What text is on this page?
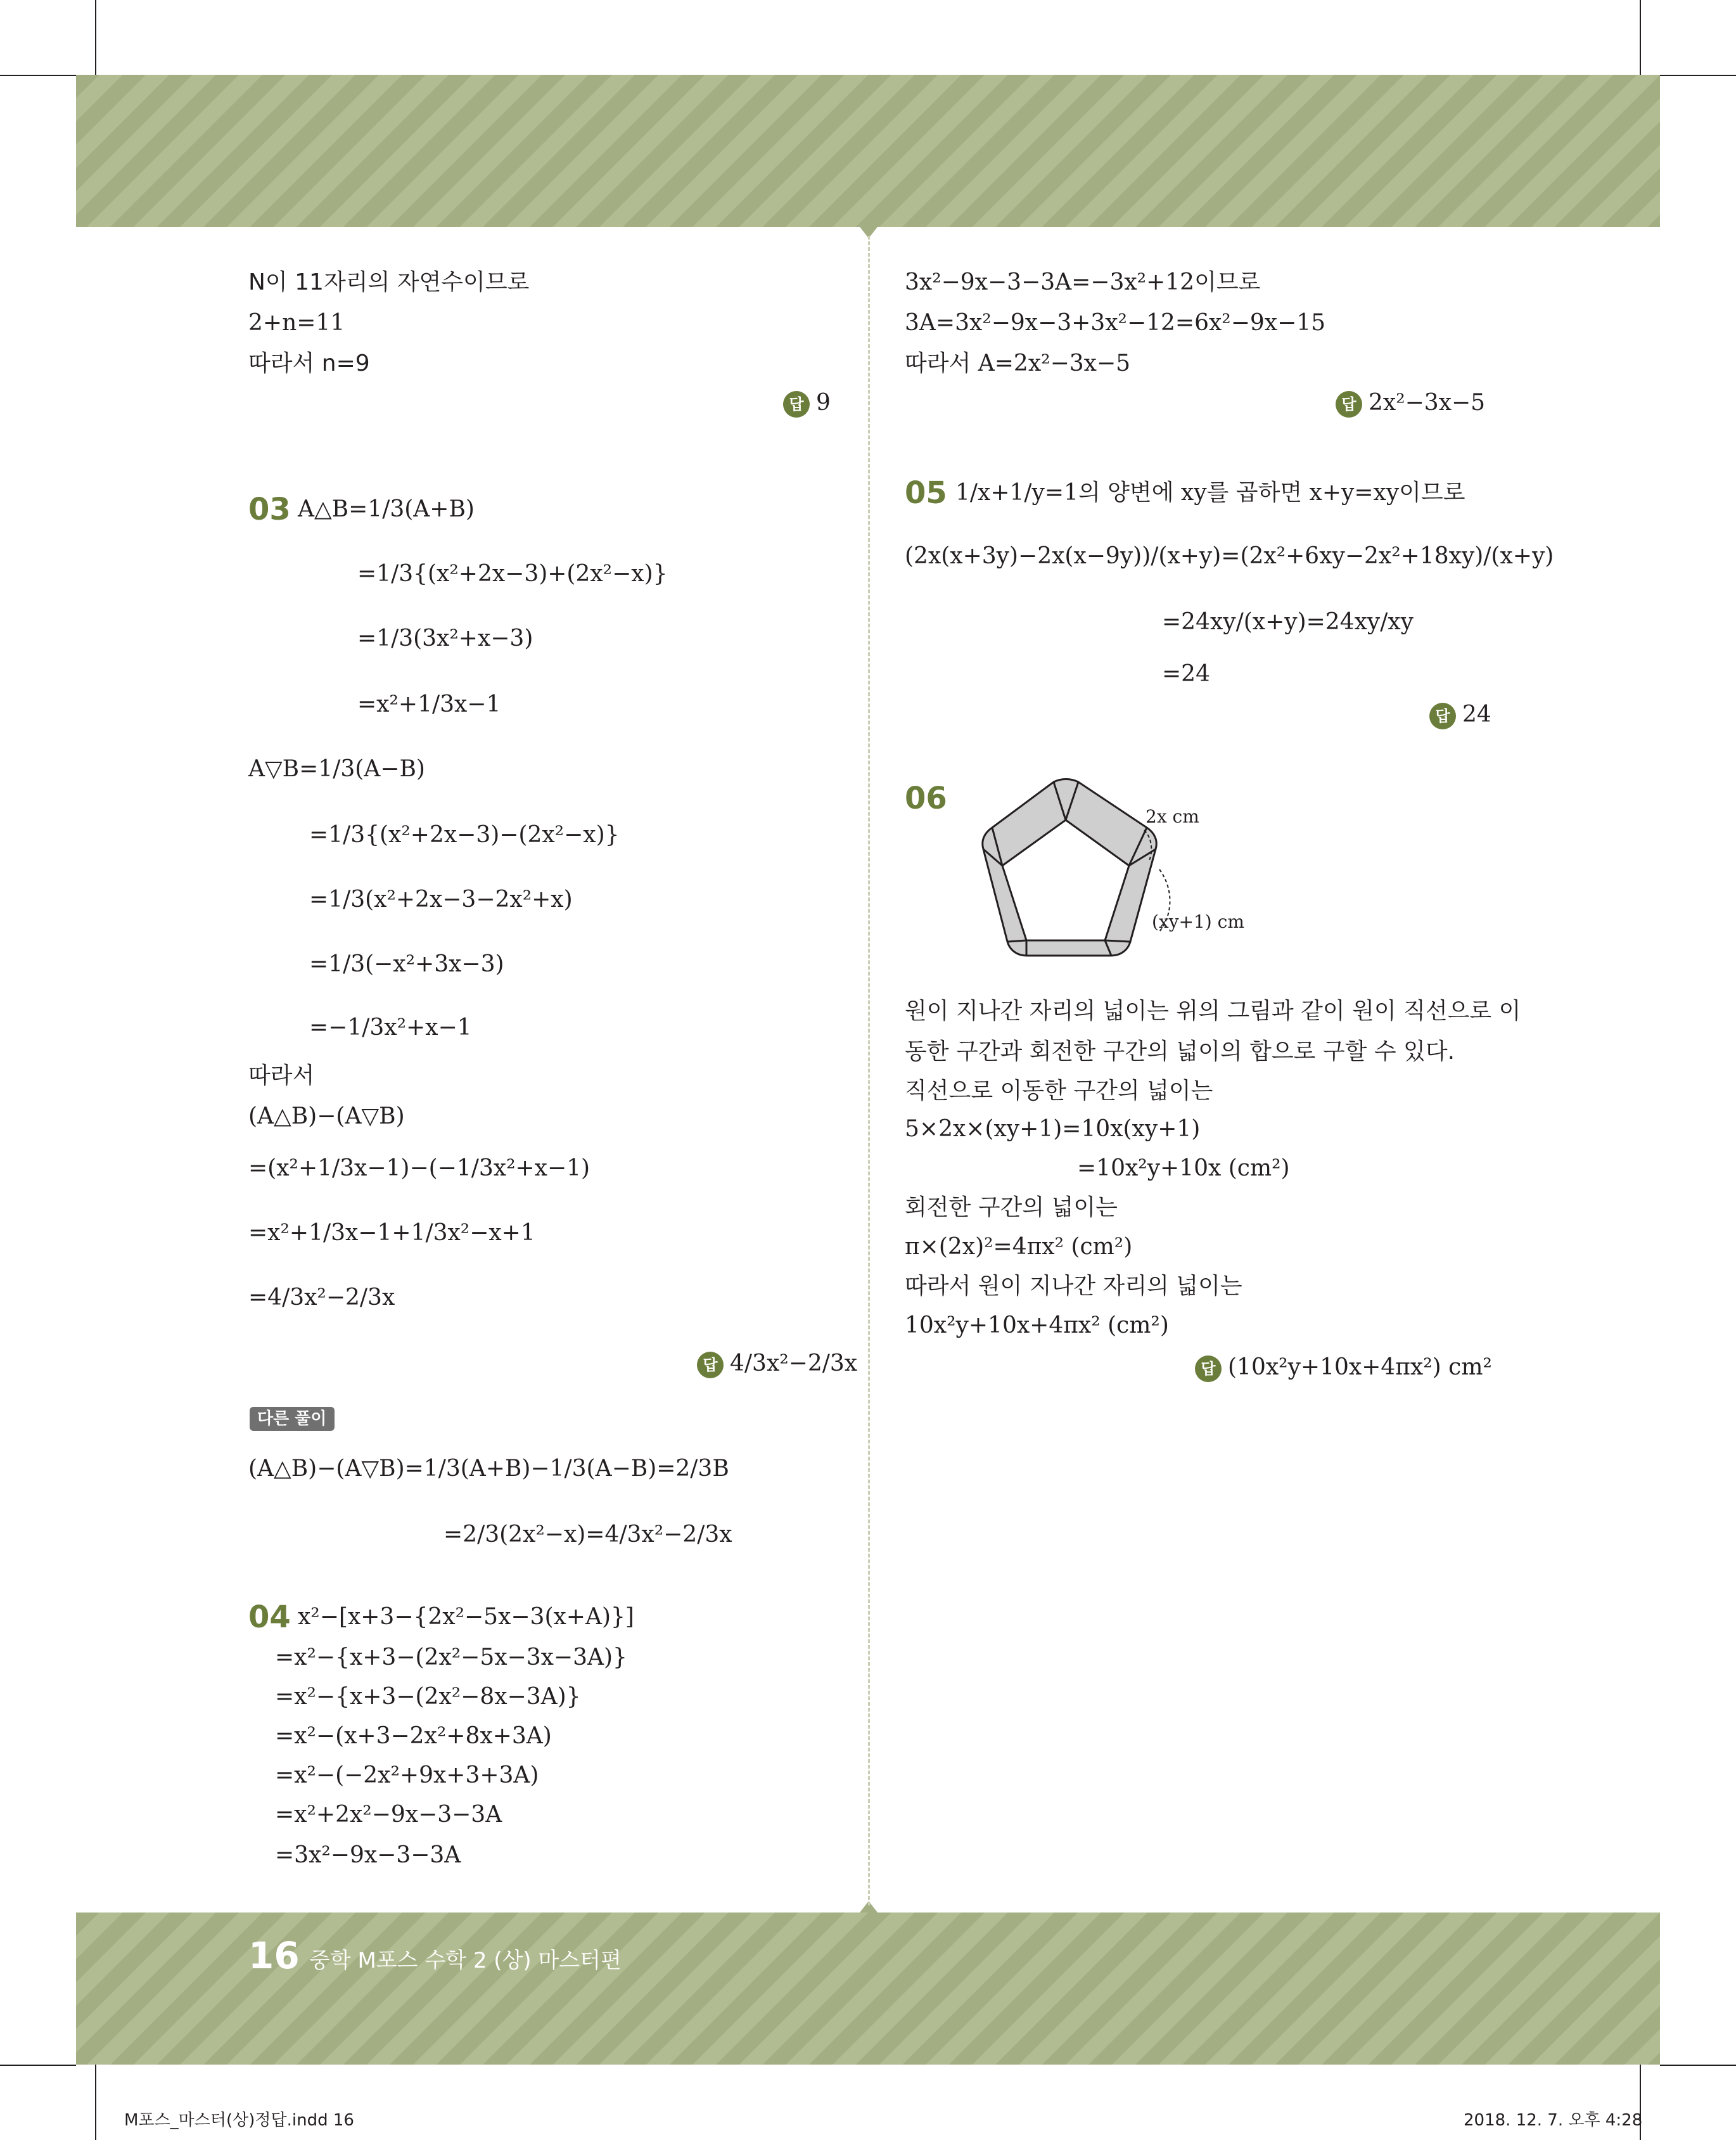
N이 11자리의 자연수이므로
2+n=11
따라서 n=9
답 9
03 A△B=1/3(A+B)
=1/3{(x²+2x−3)+(2x²−x)}
=1/3(3x²+x−3)
=x²+1/3x−1
A▽B=1/3(A−B)
=1/3{(x²+2x−3)−(2x²−x)}
=1/3(x²+2x−3−2x²+x)
=1/3(−x²+3x−3)
=−1/3x²+x−1
따라서
(A△B)−(A▽B)
=(x²+1/3x−1)−(−1/3x²+x−1)
=x²+1/3x−1+1/3x²−x+1
=4/3x²−2/3x
답 4/3x²−2/3x
다른 풀이
(A△B)−(A▽B)=1/3(A+B)−1/3(A−B)=2/3B
=2/3(2x²−x)=4/3x²−2/3x
04 x²−[x+3−{2x²−5x−3(x+A)}]
=x²−{x+3−(2x²−5x−3x−3A)}
=x²−{x+3−(2x²−8x−3A)}
=x²−(x+3−2x²+8x+3A)
=x²−(−2x²+9x+3+3A)
=x²+2x²−9x−3−3A
=3x²−9x−3−3A
3x²−9x−3−3A=−3x²+12이므로
3A=3x²−9x−3+3x²−12=6x²−9x−15
따라서 A=2x²−3x−5
답 2x²−3x−5
05 1/x+1/y=1의 양변에 xy를 곱하면 x+y=xy이므로
(2x(x+3y)−2x(x−9y))/(x+y)=(2x²+6xy−2x²+18xy)/(x+y)
=24xy/(x+y)=24xy/xy
=24
답 24
06
2x cm
(xy+1) cm
원이 지나간 자리의 넓이는 위의 그림과 같이 원이 직선으로 이
동한 구간과 회전한 구간의 넓이의 합으로 구할 수 있다.
직선으로 이동한 구간의 넓이는
5×2x×(xy+1)=10x(xy+1)
=10x²y+10x (cm²)
회전한 구간의 넓이는
π×(2x)²=4πx² (cm²)
따라서 원이 지나간 자리의 넓이는
10x²y+10x+4πx² (cm²)
답 (10x²y+10x+4πx²) cm²
16 중학 M포스 수학 2 (상) 마스터편
M포스_마스터(상)정답.indd 16	2018. 12. 7. 오후 4:28
